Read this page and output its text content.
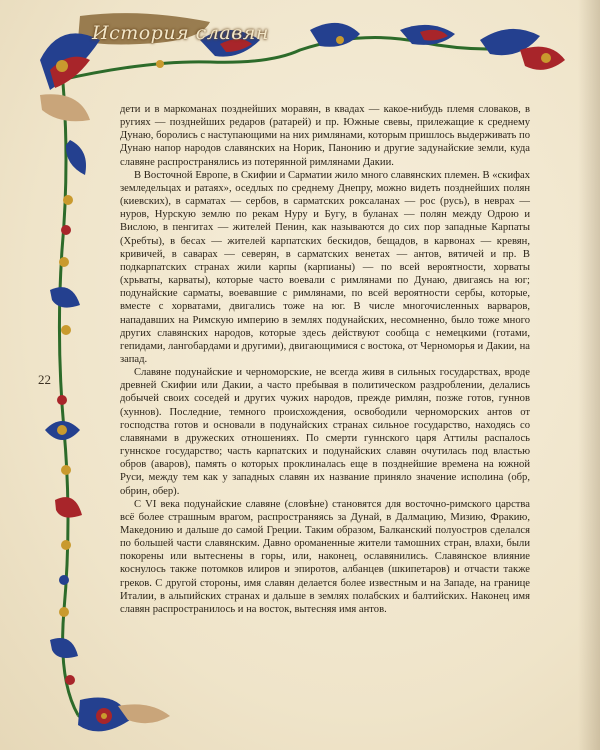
История славян
22

дети и в маркоманах позднейших моравян, в квадах — какое-нибудь племя словаков, в ругиях — позднейших редаров (ратарей) и пр. Южные свевы, прилежащие к среднему Дунаю, боролись с наступающими на них римлянами, которым пришлось выдерживать по Дунаю напор народов славянских на Норик, Панонию и другие задунайские земли, куда славяне распространялись из потерянной римлянами Дакии.

В Восточной Европе, в Скифии и Сарматии жило много славянских племен. В «скифах земледельцах и ратаях», оседлых по среднему Днепру, можно видеть позднейших полян (киевских), в сарматах — сербов, в сарматских роксаланах — рос (русь), в неврах — нуров, Нурскую землю по рекам Нуру и Бугу, в буланах — полян между Одрою и Вислою, в пенгитах — жителей Пенин, как называются до сих пор западные Карпаты (Хребты), в бесах — жителей карпатских бескидов, бещадов, в карвонах — кревян, кривичей, в саварах — северян, в сарматских венетах — антов, вятичей и пр. В подкарпатских странах жили карпы (карпианы) — по всей вероятности, хорваты (хрьваты, карваты), которые часто воевали с римлянами по Дунаю, двигаясь на юг; подунайские сарматы, воевавшие с римлянами, по всей вероятности сербы, которые, вместе с хорватами, двигались тоже на юг. В числе многочисленных варваров, нападавших на Римскую империю в землях подунайских, несомненно, было тоже много других славянских народов, которые здесь действуют сообща с немецкими (готами, гепидами, лангобардами и другими), двигающимися с востока, от Черноморья и Дакии, на запад.

Славяне подунайские и черноморские, не всегда живя в сильных государствах, вроде древней Скифии или Дакии, а часто пребывая в политическом раздроблении, делались добычей своих соседей и других чужих народов, прежде римлян, позже готов, гуннов (хуннов). Последние, темного происхождения, освободили черноморских антов от господства готов и основали в подунайских странах сильное государство, находясь со славянами в дружеских отношениях. По смерти гуннского царя Аттилы распалось гуннское государство; часть карпатских и подунайских славян очутилась под властью обров (аваров), память о которых проклиналась еще в позднейшие времена на южной Руси, между тем как у западных славян их название приняло значение исполина (обр, обрин, обер).

С VI века подунайские славяне (словѣне) становятся для восточно-римского царства всё более страшным врагом, распространяясь за Дунай, в Далмацию, Мизию, Фракию, Македонию и дальше до самой Греции. Таким образом, Балканский полуостров сделался по большей части славянским. Давно оромaненные жители тамошних стран, влахи, были покорены или вытеснены в горы, или, наконец, ославянились. Славянское влияние коснулось также потомков илиров и эпиротов, албанцев (шкипетаров) и отчасти также греков. С другой стороны, имя славян делается более известным и на Западе, на границе Италии, в альпийских странах и дальше в землях полабских и балтийских. Наконец имя славян распространилось и на восток, вытесняя имя антов.
